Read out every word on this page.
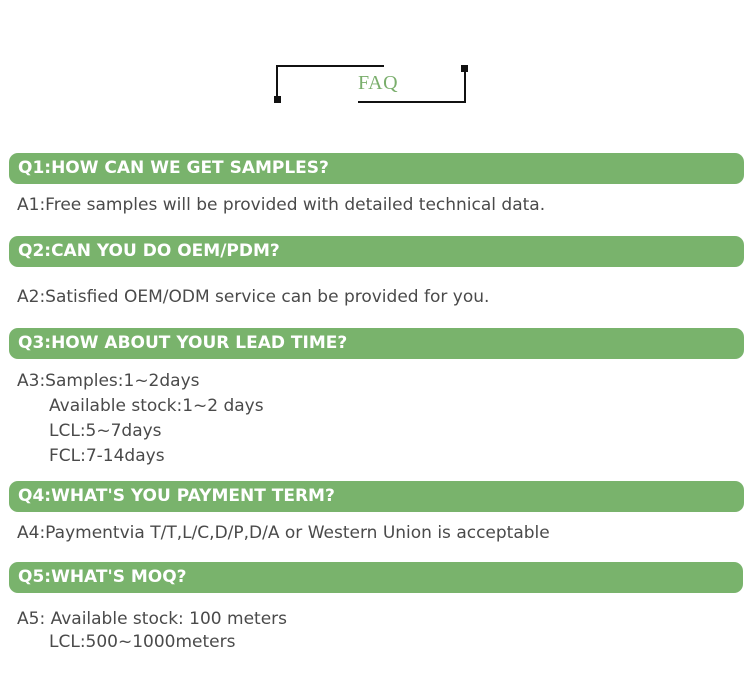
FAQ
Q1:HOW CAN WE GET SAMPLES?
A1:Free samples will be provided with detailed technical data.
Q2:CAN YOU DO OEM/PDM?
A2:Satisfied OEM/ODM service can be provided for you.
Q3:HOW ABOUT YOUR LEAD TIME?
A3:Samples:1~2days
Available stock:1~2 days
LCL:5~7days
FCL:7-14days
Q4:WHAT'S YOU PAYMENT TERM?
A4:Paymentvia T/T,L/C,D/P,D/A or Western Union is acceptable
Q5:WHAT'S MOQ?
A5: Available stock: 100 meters
LCL:500~1000meters
